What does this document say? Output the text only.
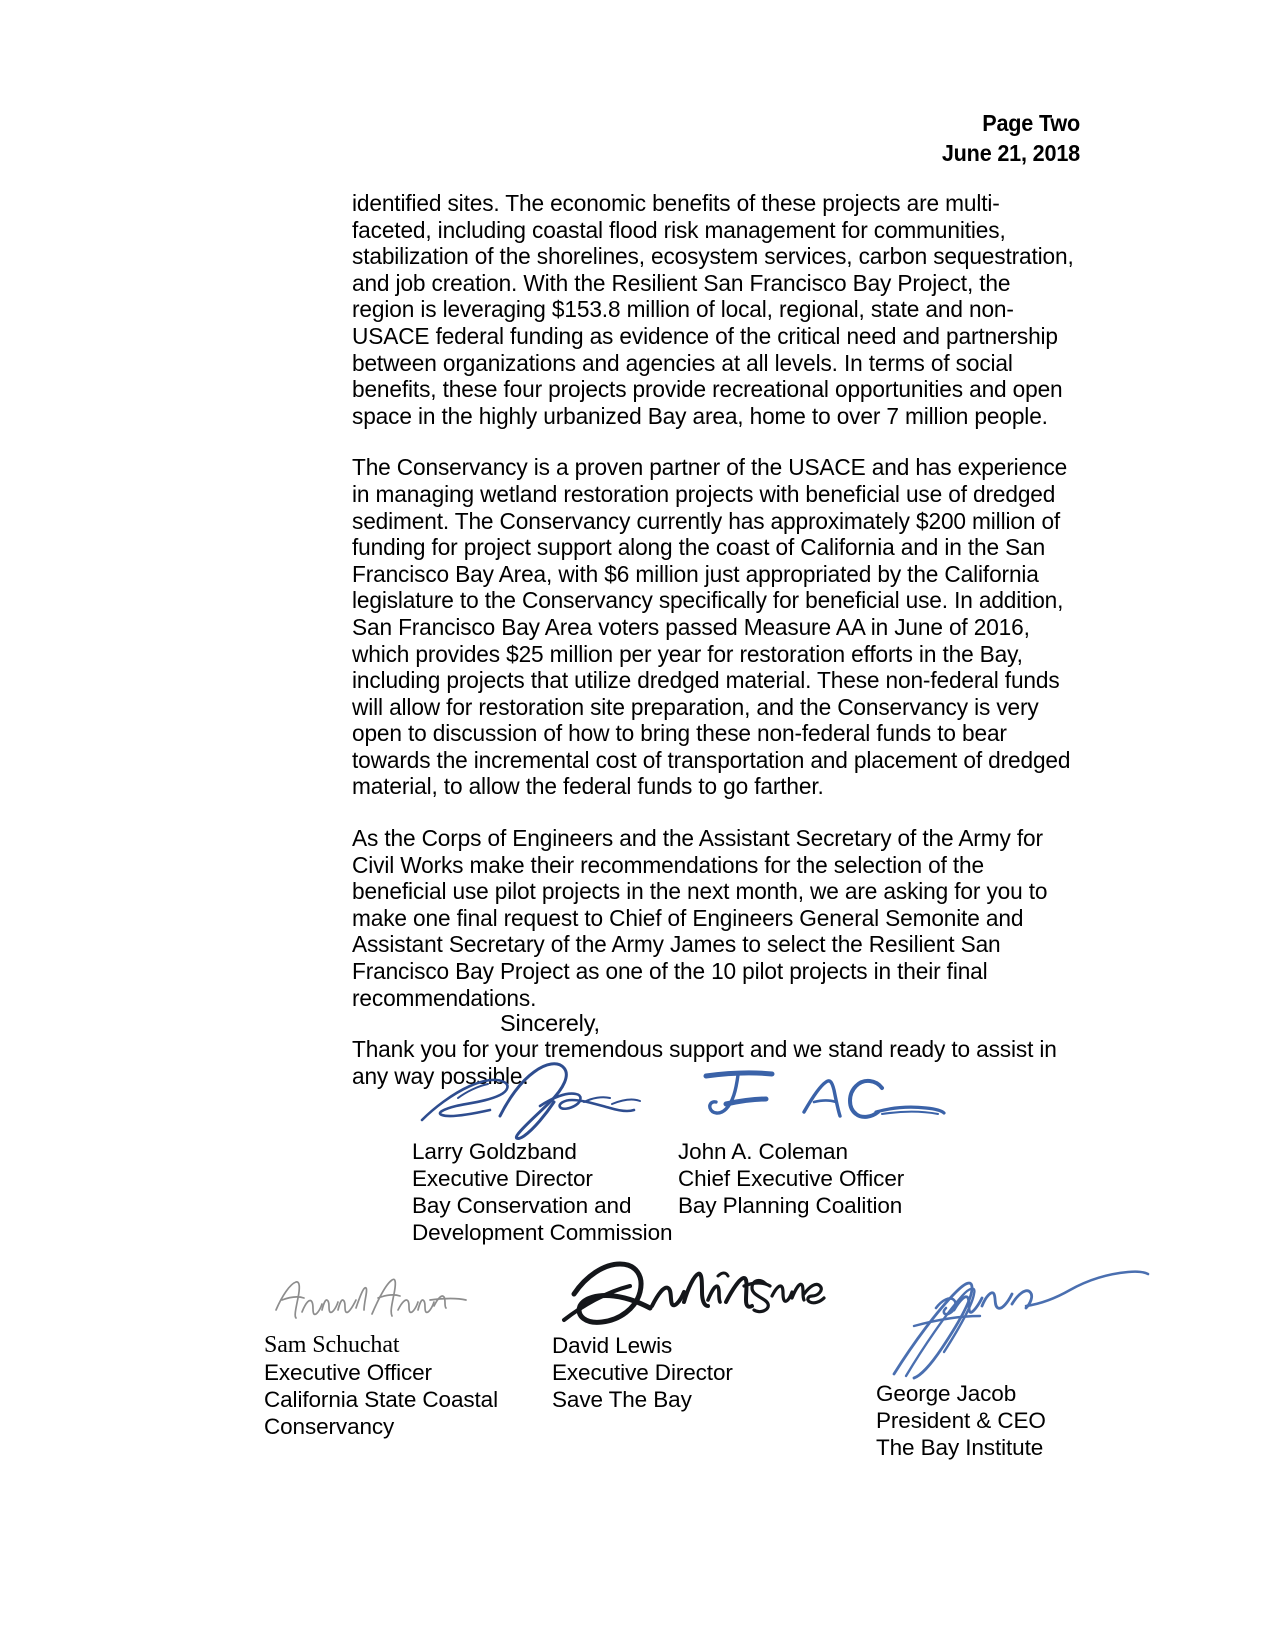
Page Two
June 21, 2018

identified sites. The economic benefits of these projects are multi-faceted, including coastal flood risk management for communities, stabilization of the shorelines, ecosystem services, carbon sequestration, and job creation. With the Resilient San Francisco Bay Project, the region is leveraging $153.8 million of local, regional, state and non-USACE federal funding as evidence of the critical need and partnership between organizations and agencies at all levels. In terms of social benefits, these four projects provide recreational opportunities and open space in the highly urbanized Bay area, home to over 7 million people.

The Conservancy is a proven partner of the USACE and has experience in managing wetland restoration projects with beneficial use of dredged sediment. The Conservancy currently has approximately $200 million of funding for project support along the coast of California and in the San Francisco Bay Area, with $6 million just appropriated by the California legislature to the Conservancy specifically for beneficial use. In addition, San Francisco Bay Area voters passed Measure AA in June of 2016, which provides $25 million per year for restoration efforts in the Bay, including projects that utilize dredged material. These non-federal funds will allow for restoration site preparation, and the Conservancy is very open to discussion of how to bring these non-federal funds to bear towards the incremental cost of transportation and placement of dredged material, to allow the federal funds to go farther.

As the Corps of Engineers and the Assistant Secretary of the Army for Civil Works make their recommendations for the selection of the beneficial use pilot projects in the next month, we are asking for you to make one final request to Chief of Engineers General Semonite and Assistant Secretary of the Army James to select the Resilient San Francisco Bay Project as one of the 10 pilot projects in their final recommendations.

Thank you for your tremendous support and we stand ready to assist in any way possible.

Sincerely,
Larry Goldzband
Executive Director
Bay Conservation and
Development Commission
John A. Coleman
Chief Executive Officer
Bay Planning Coalition
Sam Schuchat
Executive Officer
California State Coastal
Conservancy
David Lewis
Executive Director
Save The Bay	George Jacob
President & CEO
The Bay Institute
